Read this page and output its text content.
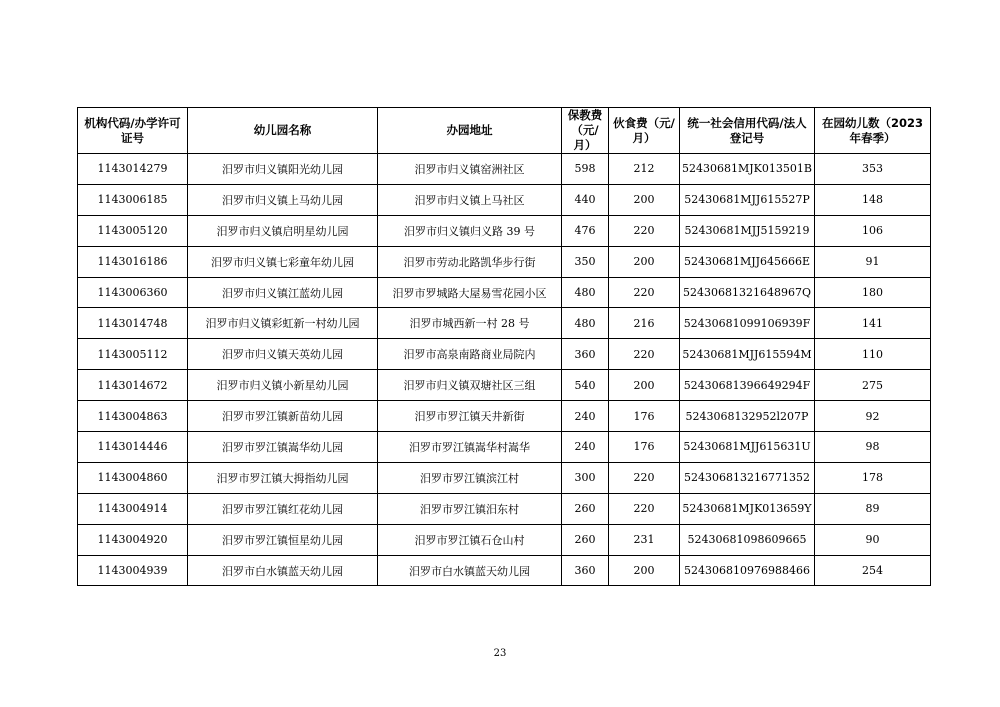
机构代码/办学许可证号	幼儿园名称	办园地址	保教费（元/月）	伙食费（元/月）	统一社会信用代码/法人登记号	在园幼儿数（2023年春季）
1143014279	汨罗市归义镇阳光幼儿园	汨罗市归义镇窑洲社区	598	212	52430681MJK013501B	353
1143006185	汨罗市归义镇上马幼儿园	汨罗市归义镇上马社区	440	200	52430681MJJ615527P	148
1143005120	汨罗市归义镇启明星幼儿园	汨罗市归义镇归义路 39 号	476	220	52430681MJJ5159219	106
1143016186	汨罗市归义镇七彩童年幼儿园	汨罗市劳动北路凯华步行街	350	200	52430681MJJ645666E	91
1143006360	汨罗市归义镇江蓝幼儿园	汨罗市罗城路大屋易雪花园小区	480	220	52430681321648967Q	180
1143014748	汨罗市归义镇彩虹新一村幼儿园	汨罗市城西新一村 28 号	480	216	52430681099106939F	141
1143005112	汨罗市归义镇天英幼儿园	汨罗市高泉南路商业局院内	360	220	52430681MJJ615594M	110
1143014672	汨罗市归义镇小新星幼儿园	汨罗市归义镇双塘社区三组	540	200	52430681396649294F	275
1143004863	汨罗市罗江镇新苗幼儿园	汨罗市罗江镇天井新街	240	176	5243068132952l207P	92
1143014446	汨罗市罗江镇嵩华幼儿园	汨罗市罗江镇嵩华村嵩华	240	176	52430681MJJ615631U	98
1143004860	汨罗市罗江镇大拇指幼儿园	汨罗市罗江镇滨江村	300	220	524306813216771352	178
1143004914	汨罗市罗江镇红花幼儿园	汨罗市罗江镇汨东村	260	220	52430681MJK013659Y	89
1143004920	汨罗市罗江镇恒星幼儿园	汨罗市罗江镇石仓山村	260	231	52430681098609665	90
1143004939	汨罗市白水镇蓝天幼儿园	汨罗市白水镇蓝天幼儿园	360	200	524306810976988466	254
23
